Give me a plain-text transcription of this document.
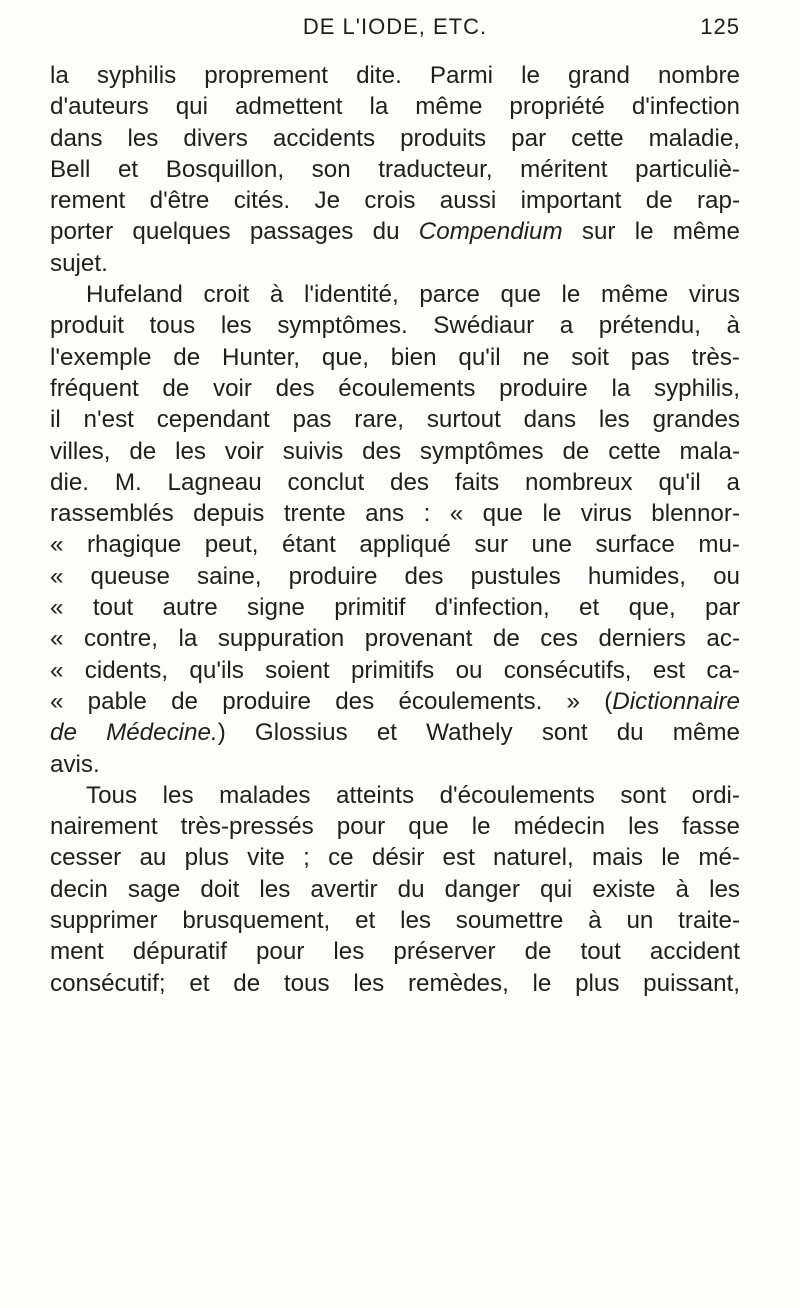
DE L'IODE, ETC.	125
la syphilis proprement dite. Parmi le grand nombre
d'auteurs qui admettent la même propriété d'infection
dans les divers accidents produits par cette maladie,
Bell et Bosquillon, son traducteur, méritent particuliè-
rement d'être cités. Je crois aussi important de rap-
porter quelques passages du Compendium sur le même
sujet.
Hufeland croit à l'identité, parce que le même virus
produit tous les symptômes. Swédiaur a prétendu, à
l'exemple de Hunter, que, bien qu'il ne soit pas très-
fréquent de voir des écoulements produire la syphilis,
il n'est cependant pas rare, surtout dans les grandes
villes, de les voir suivis des symptômes de cette mala-
die. M. Lagneau conclut des faits nombreux qu'il a
rassemblés depuis trente ans : « que le virus blennor-
« rhagique peut, étant appliqué sur une surface mu-
« queuse saine, produire des pustules humides, ou
« tout autre signe primitif d'infection, et que, par
« contre, la suppuration provenant de ces derniers ac-
« cidents, qu'ils soient primitifs ou consécutifs, est ca-
« pable de produire des écoulements. » (Dictionnaire
de Médecine.) Glossius et Wathely sont du même
avis.
Tous les malades atteints d'écoulements sont ordi-
nairement très-pressés pour que le médecin les fasse
cesser au plus vite ; ce désir est naturel, mais le mé-
decin sage doit les avertir du danger qui existe à les
supprimer brusquement, et les soumettre à un traite-
ment dépuratif pour les préserver de tout accident
consécutif; et de tous les remèdes, le plus puissant,
